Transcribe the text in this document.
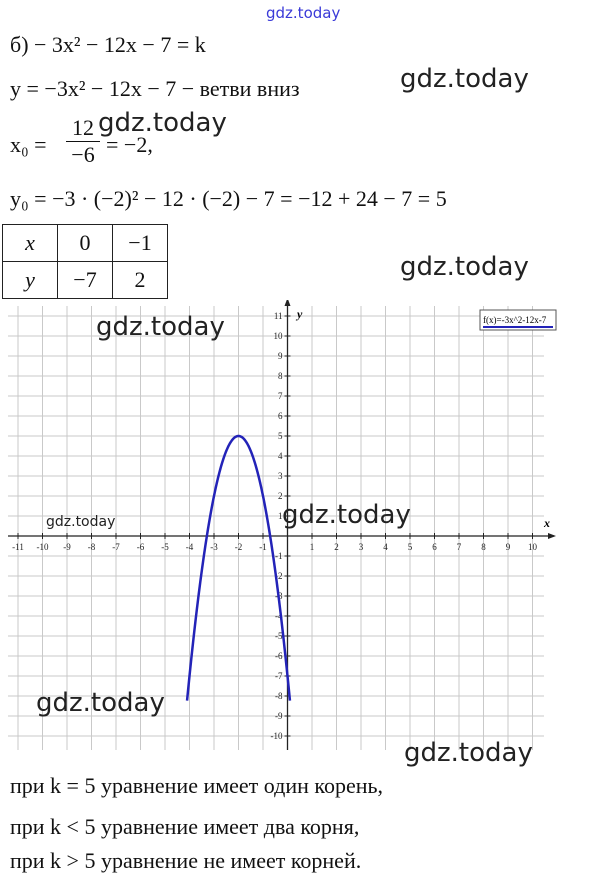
gdz.today
б) − 3x² − 12x − 7 = k
y = −3x² − 12x − 7 − ветви вниз
x₀ =
12
−6 = −2,
y₀ = −3 · (−2)² − 12 · (−2) − 7 = −12 + 24 − 7 = 5
x	0	−1
y	−7	2
-11 -10 -9 -8 -7 -6 -5 -4 -3 -2 -1	1 2 3 4 5 6 7 8 9 10
11
10
9
8
7
6
5
4
3
2
1
-1
-2
-3
-4
-5
-6
-7
-8
-9
-10
f(x)=-3x^2-12x-7
x
y
при k = 5 уравнение имеет один корень,
при k < 5 уравнение имеет два корня,
при k > 5 уравнение не имеет корней.
gdz.today
gdz.today
gdz.today
gdz.today
gdz.today
gdz.today
gdz.today
gdz.today
